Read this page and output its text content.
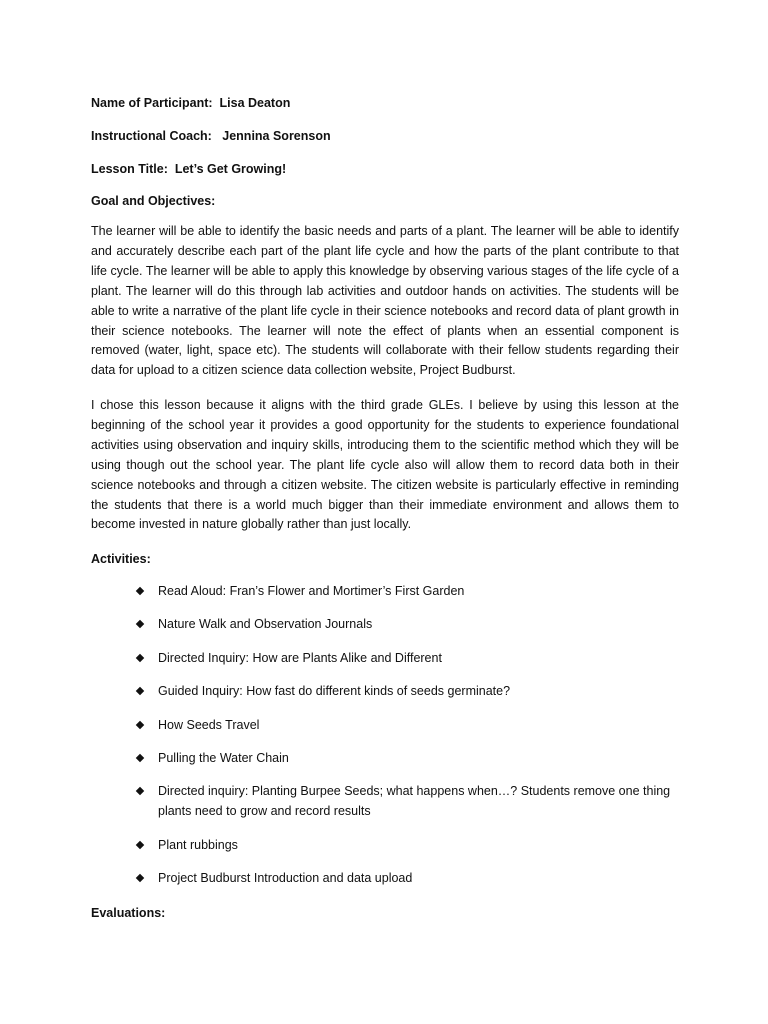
Name of Participant: Lisa Deaton
Instructional Coach: Jennina Sorenson
Lesson Title: Let’s Get Growing!
Goal and Objectives:

The learner will be able to identify the basic needs and parts of a plant. The learner will be able to identify and accurately describe each part of the plant life cycle and how the parts of the plant contribute to that life cycle. The learner will be able to apply this knowledge by observing various stages of the life cycle of a plant. The learner will do this through lab activities and outdoor hands on activities. The students will be able to write a narrative of the plant life cycle in their science notebooks and record data of plant growth in their science notebooks. The learner will note the effect of plants when an essential component is removed (water, light, space etc). The students will collaborate with their fellow students regarding their data for upload to a citizen science data collection website, Project Budburst.

I chose this lesson because it aligns with the third grade GLEs. I believe by using this lesson at the beginning of the school year it provides a good opportunity for the students to experience foundational activities using observation and inquiry skills, introducing them to the scientific method which they will be using though out the school year. The plant life cycle also will allow them to record data both in their science notebooks and through a citizen website. The citizen website is particularly effective in reminding the students that there is a world much bigger than their immediate environment and allows them to become invested in nature globally rather than just locally.

Activities:
Read Aloud: Fran’s Flower and Mortimer’s First Garden
Nature Walk and Observation Journals
Directed Inquiry: How are Plants Alike and Different
Guided Inquiry: How fast do different kinds of seeds germinate?
How Seeds Travel
Pulling the Water Chain
Directed inquiry: Planting Burpee Seeds; what happens when…? Students remove one thing plants need to grow and record results
Plant rubbings
Project Budburst Introduction and data upload
Evaluations:
